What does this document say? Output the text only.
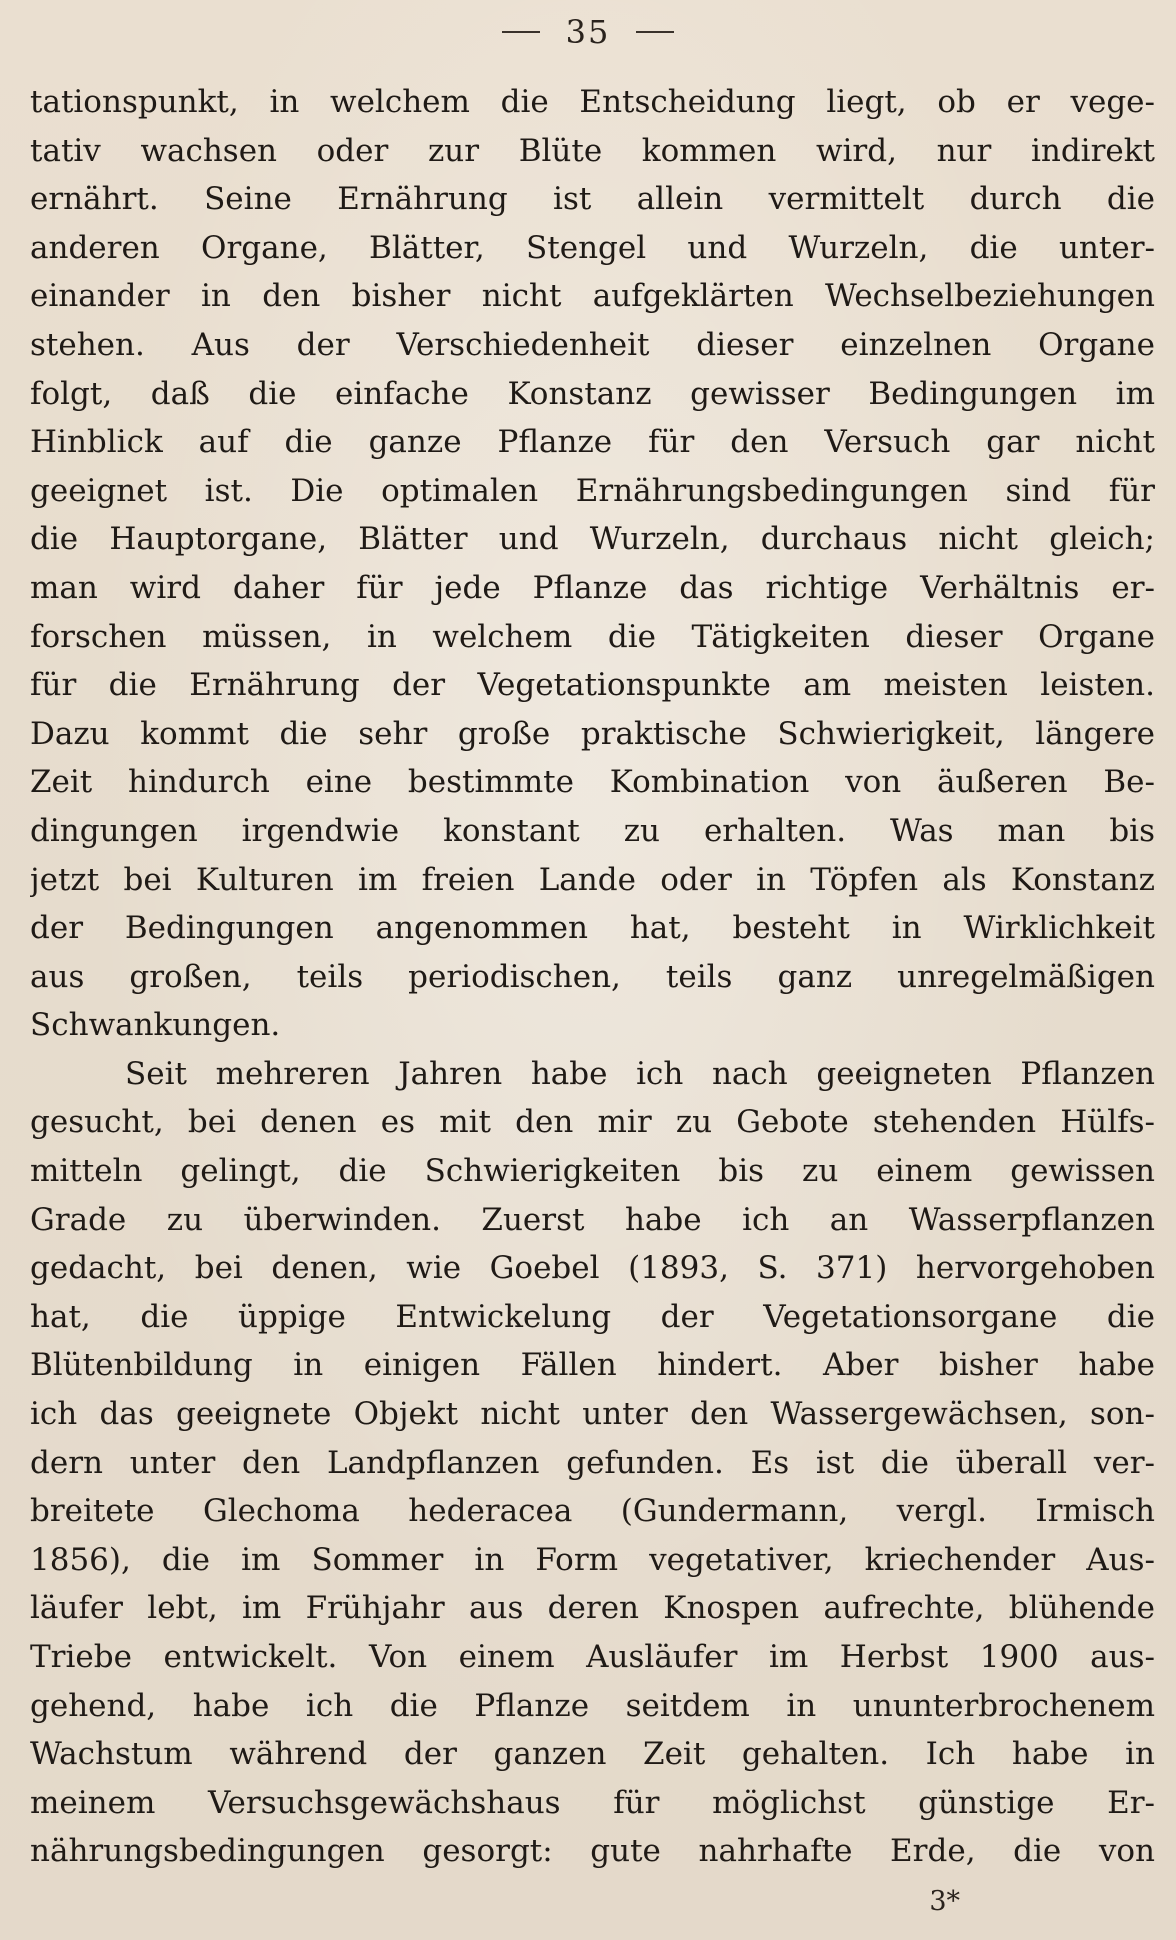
35
tationspunkt, in welchem die Entscheidung liegt, ob er vege-
tativ wachsen oder zur Blüte kommen wird, nur indirekt
ernährt. Seine Ernährung ist allein vermittelt durch die
anderen Organe, Blätter, Stengel und Wurzeln, die unter-
einander in den bisher nicht aufgeklärten Wechselbeziehungen
stehen. Aus der Verschiedenheit dieser einzelnen Organe
folgt, daß die einfache Konstanz gewisser Bedingungen im
Hinblick auf die ganze Pflanze für den Versuch gar nicht
geeignet ist. Die optimalen Ernährungsbedingungen sind für
die Hauptorgane, Blätter und Wurzeln, durchaus nicht gleich;
man wird daher für jede Pflanze das richtige Verhältnis er-
forschen müssen, in welchem die Tätigkeiten dieser Organe
für die Ernährung der Vegetationspunkte am meisten leisten.
Dazu kommt die sehr große praktische Schwierigkeit, längere
Zeit hindurch eine bestimmte Kombination von äußeren Be-
dingungen irgendwie konstant zu erhalten. Was man bis
jetzt bei Kulturen im freien Lande oder in Töpfen als Konstanz
der Bedingungen angenommen hat, besteht in Wirklichkeit
aus großen, teils periodischen, teils ganz unregelmäßigen
Schwankungen.
Seit mehreren Jahren habe ich nach geeigneten Pflanzen
gesucht, bei denen es mit den mir zu Gebote stehenden Hülfs-
mitteln gelingt, die Schwierigkeiten bis zu einem gewissen
Grade zu überwinden. Zuerst habe ich an Wasserpflanzen
gedacht, bei denen, wie Goebel (1893, S. 371) hervorgehoben
hat, die üppige Entwickelung der Vegetationsorgane die
Blütenbildung in einigen Fällen hindert. Aber bisher habe
ich das geeignete Objekt nicht unter den Wassergewächsen, son-
dern unter den Landpflanzen gefunden. Es ist die überall ver-
breitete Glechoma hederacea (Gundermann, vergl. Irmisch
1856), die im Sommer in Form vegetativer, kriechender Aus-
läufer lebt, im Frühjahr aus deren Knospen aufrechte, blühende
Triebe entwickelt. Von einem Ausläufer im Herbst 1900 aus-
gehend, habe ich die Pflanze seitdem in ununterbrochenem
Wachstum während der ganzen Zeit gehalten. Ich habe in
meinem Versuchsgewächshaus für möglichst günstige Er-
nährungsbedingungen gesorgt: gute nahrhafte Erde, die von
3*
